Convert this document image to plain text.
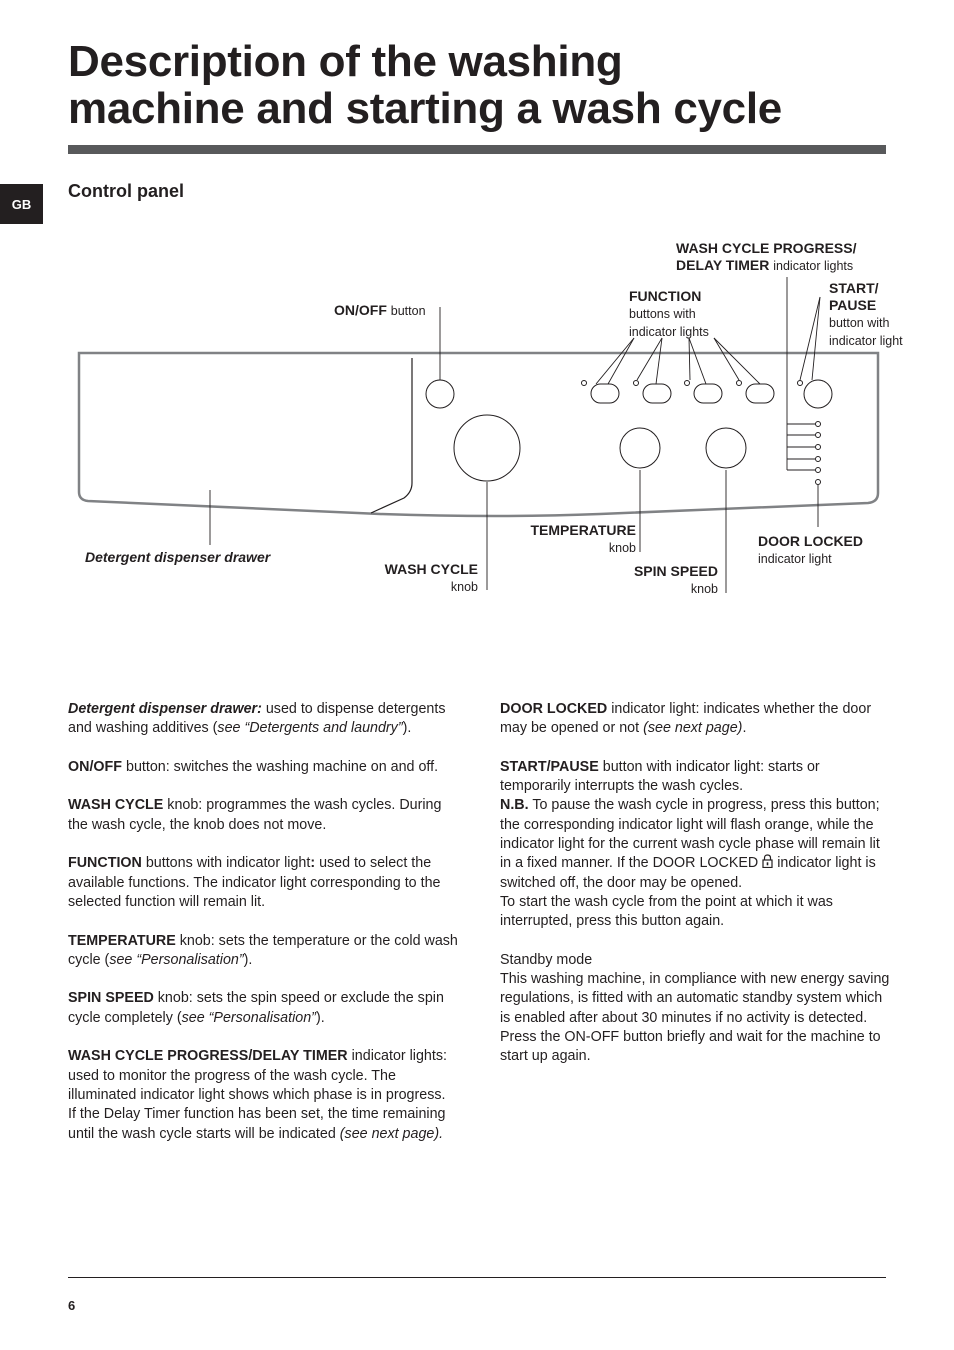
Description of the washing
machine and starting a wash cycle
GB
Control panel
WASH CYCLE PROGRESS/
DELAY TIMER indicator lights
ON/OFF button
FUNCTION
buttons with
indicator lights
START/
PAUSE
button with
indicator light
TEMPERATURE
knob	DOOR LOCKED
indicator light
Detergent dispenser drawer
WASH CYCLE
knob
SPIN SPEED
knob

Detergent dispenser drawer: used to dispense detergents and washing additives (see “Detergents and laundry”).

ON/OFF button: switches the washing machine on and off.

WASH CYCLE knob: programmes the wash cycles. During the wash cycle, the knob does not move.

FUNCTION buttons with indicator light: used to select the available functions. The indicator light corresponding to the selected function will remain lit.

TEMPERATURE knob: sets the temperature or the cold wash cycle (see “Personalisation”).

SPIN SPEED knob: sets the spin speed or exclude the spin cycle completely (see “Personalisation”).

WASH CYCLE PROGRESS/DELAY TIMER indicator lights: used to monitor the progress of the wash cycle. The illuminated indicator light shows which phase is in progress.
If the Delay Timer function has been set, the time remaining until the wash cycle starts will be indicated (see next page).

DOOR LOCKED indicator light: indicates whether the door may be opened or not (see next page).

START/PAUSE button with indicator light: starts or temporarily interrupts the wash cycles.
N.B. To pause the wash cycle in progress, press this button; the corresponding indicator light will flash orange, while the indicator light for the current wash cycle phase will remain lit in a fixed manner. If the DOOR LOCKED  indicator light is switched off, the door may be opened.
To start the wash cycle from the point at which it was interrupted, press this button again.

Standby mode
This washing machine, in compliance with new energy saving regulations, is fitted with an automatic standby system which is enabled after about 30 minutes if no activity is detected. Press the ON-OFF button briefly and wait for the machine to start up again.

6
